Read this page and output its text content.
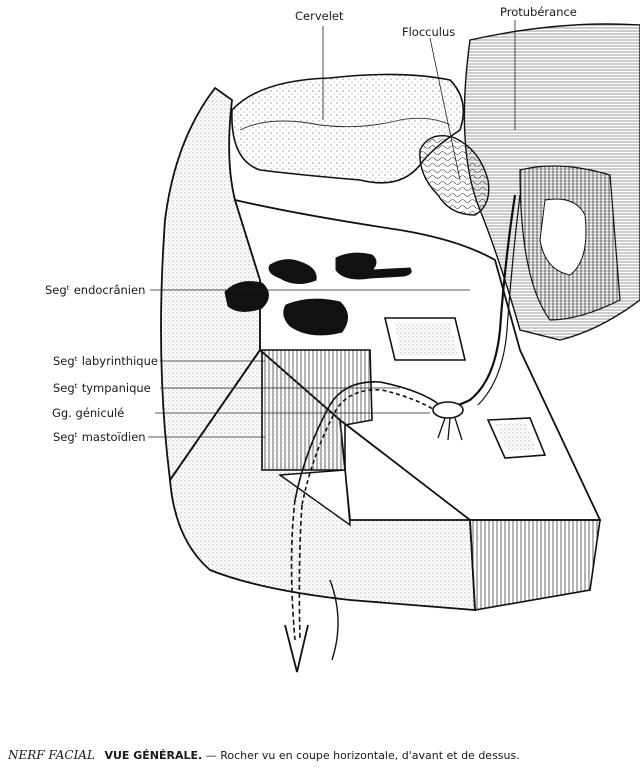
Cervelet
Flocculus
Protubérance
Segᵗ endocrânien
Segᵗ labyrinthique
Segᵗ tympanique
Gg. géniculé
Segᵗ mastoïdien
NERF FACIAL VUE GÉNÉRALE. — Rocher vu en coupe horizontale, d'avant et de dessus.
